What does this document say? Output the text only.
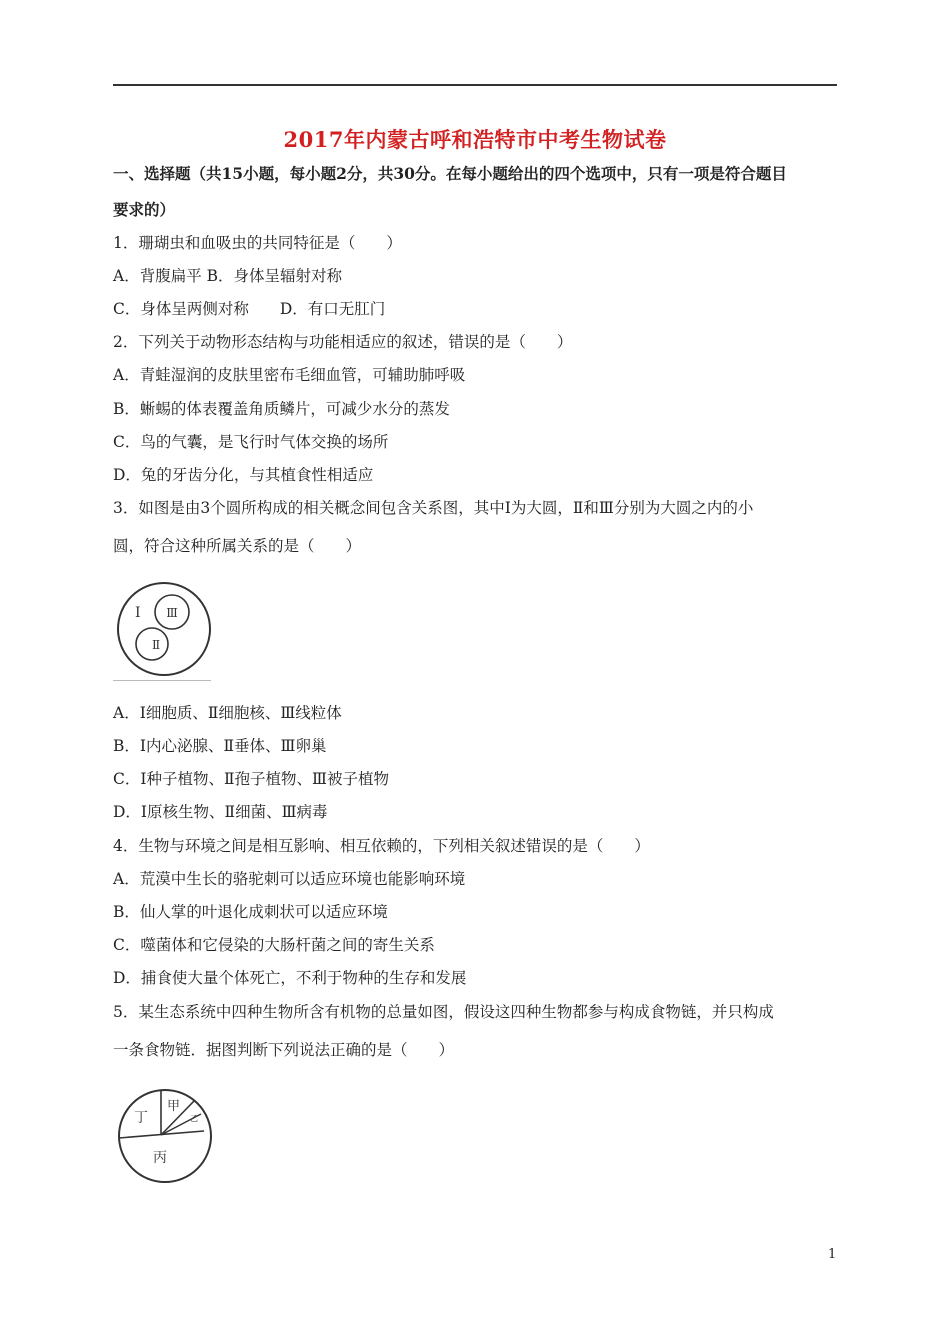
2017年内蒙古呼和浩特市中考生物试卷
一、选择题（共15小题，每小题2分，共30分。在每小题给出的四个选项中，只有一项是符合题目
要求的）
1．珊瑚虫和血吸虫的共同特征是（　　）
A．背腹扁平 B．身体呈辐射对称
C．身体呈两侧对称　　D．有口无肛门
2．下列关于动物形态结构与功能相适应的叙述，错误的是（　　）
A．青蛙湿润的皮肤里密布毛细血管，可辅助肺呼吸
B．蜥蜴的体表覆盖角质鳞片，可减少水分的蒸发
C．鸟的气囊，是飞行时气体交换的场所
D．兔的牙齿分化，与其植食性相适应
3．如图是由3个圆所构成的相关概念间包含关系图，其中Ⅰ为大圆，Ⅱ和Ⅲ分别为大圆之内的小
圆，符合这种所属关系的是（　　）
Ⅰ
Ⅱ
Ⅲ
A．Ⅰ细胞质、Ⅱ细胞核、Ⅲ线粒体
B．Ⅰ内心泌腺、Ⅱ垂体、Ⅲ卵巢
C．Ⅰ种子植物、Ⅱ孢子植物、Ⅲ被子植物
D．Ⅰ原核生物、Ⅱ细菌、Ⅲ病毒
4．生物与环境之间是相互影响、相互依赖的，下列相关叙述错误的是（　　）
A．荒漠中生长的骆驼刺可以适应环境也能影响环境
B．仙人掌的叶退化成刺状可以适应环境
C．噬菌体和它侵染的大肠杆菌之间的寄生关系
D．捕食使大量个体死亡，不利于物种的生存和发展
5．某生态系统中四种生物所含有机物的总量如图，假设这四种生物都参与构成食物链，并只构成
一条食物链．据图判断下列说法正确的是（　　）
丁
甲
乙
丙
1
